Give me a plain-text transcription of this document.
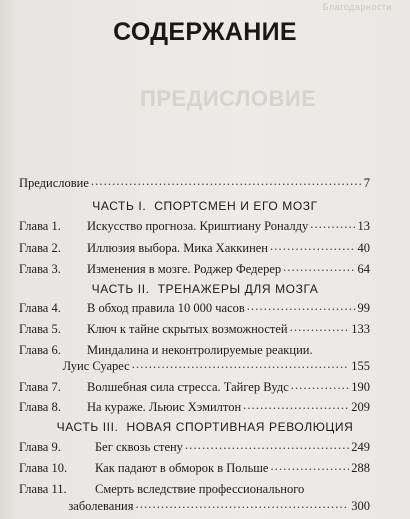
Благодарности
ПРЕДИСЛОВИЕ
СОДЕРЖАНИЕ
Предисловие . . .	7
ЧАСТЬ I. СПОРТСМЕН И ЕГО МОЗГ
Глава 1.	Искусство прогноза. Криштиану Роналду . . .	13
Глава 2.	Иллюзия выбора. Мика Хаккинен . . .	40
Глава 3.	Изменения в мозге. Роджер Федерер . . .	64
ЧАСТЬ II. ТРЕНАЖЕРЫ ДЛЯ МОЗГА
Глава 4.	В обход правила 10 000 часов . . .	99
Глава 5.	Ключ к тайне скрытых возможностей . . .	133
Глава 6.	Миндалина и неконтролируемые реакции.
Луис Суарес . . .	155
Глава 7.	Волшебная сила стресса. Тайгер Вудс . . .	190
Глава 8.	На кураже. Льюис Хэмилтон . . .	209
ЧАСТЬ III. НОВАЯ СПОРТИВНАЯ РЕВОЛЮЦИЯ
Глава 9.	Бег сквозь стену . . .	249
Глава 10.	Как падают в обморок в Польше . . .	288
Глава 11.	Смерть вследствие профессионального
заболевания . . .	300
